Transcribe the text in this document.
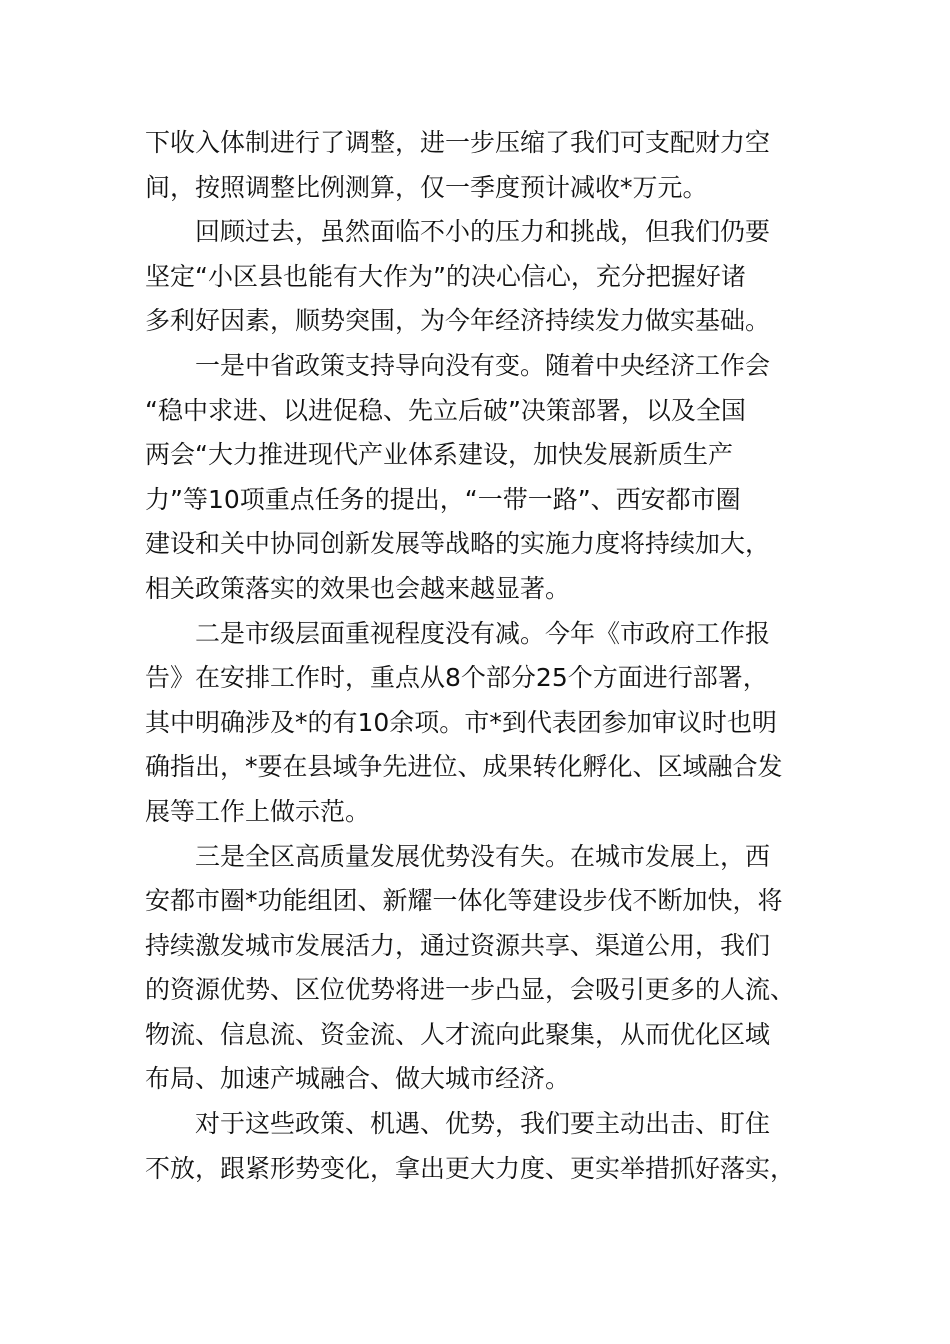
下收入体制进行了调整，进一步压缩了我们可支配财力空
间，按照调整比例测算，仅一季度预计减收*万元。
回顾过去，虽然面临不小的压力和挑战，但我们仍要
坚定“小区县也能有大作为”的决心信心，充分把握好诸
多利好因素，顺势突围，为今年经济持续发力做实基础。
一是中省政策支持导向没有变。随着中央经济工作会
“稳中求进、以进促稳、先立后破”决策部署，以及全国
两会“大力推进现代产业体系建设，加快发展新质生产
力”等10项重点任务的提出，“一带一路”、西安都市圈
建设和关中协同创新发展等战略的实施力度将持续加大，
相关政策落实的效果也会越来越显著。
二是市级层面重视程度没有减。今年《市政府工作报
告》在安排工作时，重点从8个部分25个方面进行部署，
其中明确涉及*的有10余项。市*到代表团参加审议时也明
确指出，*要在县域争先进位、成果转化孵化、区域融合发
展等工作上做示范。
三是全区高质量发展优势没有失。在城市发展上，西
安都市圈*功能组团、新耀一体化等建设步伐不断加快，将
持续激发城市发展活力，通过资源共享、渠道公用，我们
的资源优势、区位优势将进一步凸显，会吸引更多的人流、
物流、信息流、资金流、人才流向此聚集，从而优化区域
布局、加速产城融合、做大城市经济。
对于这些政策、机遇、优势，我们要主动出击、盯住
不放，跟紧形势变化，拿出更大力度、更实举措抓好落实，
